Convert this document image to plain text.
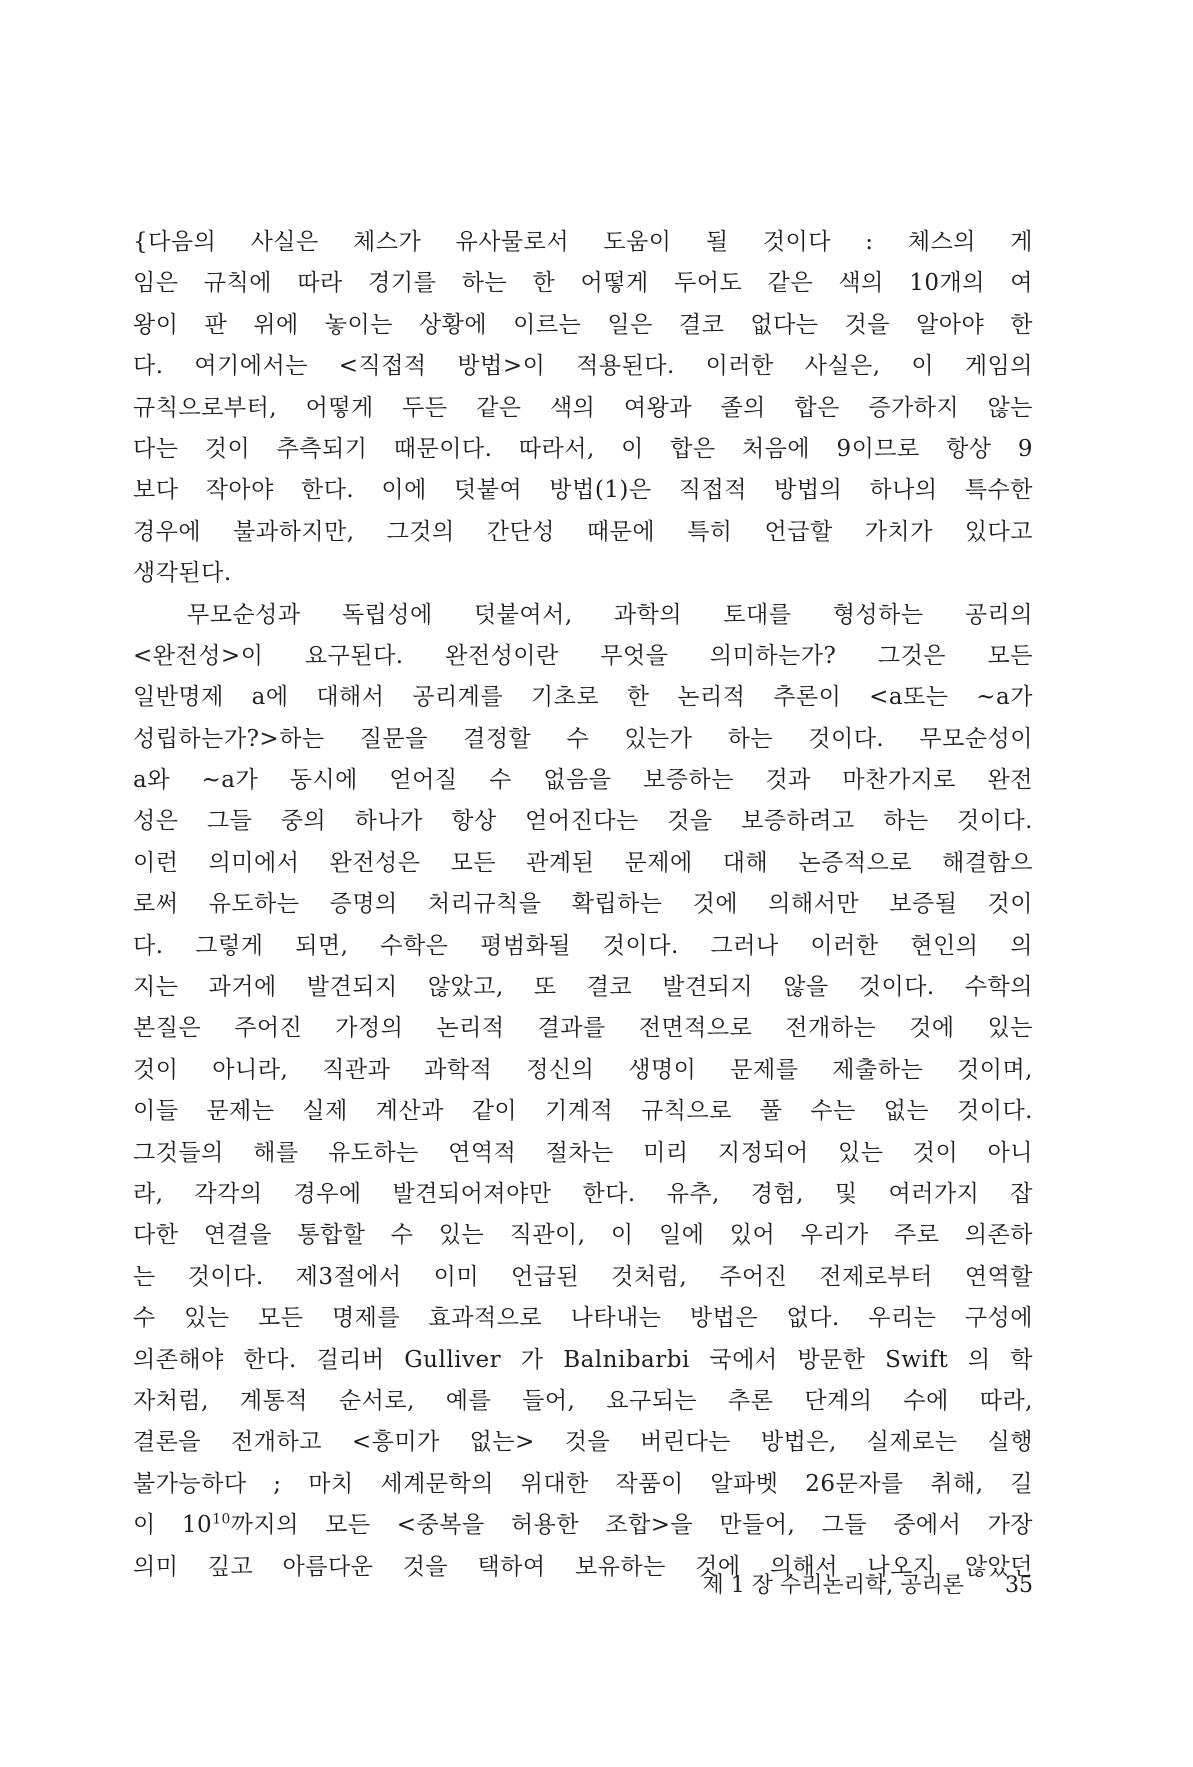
{다음의 사실은 체스가 유사물로서 도움이 될 것이다 : 체스의 게
임은 규칙에 따라 경기를 하는 한 어떻게 두어도 같은 색의 10개의 여
왕이 판 위에 놓이는 상황에 이르는 일은 결코 없다는 것을 알아야 한
다. 여기에서는 <직접적 방법>이 적용된다. 이러한 사실은, 이 게임의
규칙으로부터, 어떻게 두든 같은 색의 여왕과 졸의 합은 증가하지 않는
다는 것이 추측되기 때문이다. 따라서, 이 합은 처음에 9이므로 항상 9
보다 작아야 한다. 이에 덧붙여 방법(1)은 직접적 방법의 하나의 특수한
경우에 불과하지만, 그것의 간단성 때문에 특히 언급할 가치가 있다고
생각된다.
무모순성과 독립성에 덧붙여서, 과학의 토대를 형성하는 공리의
<완전성>이 요구된다. 완전성이란 무엇을 의미하는가? 그것은 모든
일반명제 a에 대해서 공리계를 기초로 한 논리적 추론이 <a또는 ~a가
성립하는가?>하는 질문을 결정할 수 있는가 하는 것이다. 무모순성이
a와 ~a가 동시에 얻어질 수 없음을 보증하는 것과 마찬가지로 완전
성은 그들 중의 하나가 항상 얻어진다는 것을 보증하려고 하는 것이다.
이런 의미에서 완전성은 모든 관계된 문제에 대해 논증적으로 해결함으
로써 유도하는 증명의 처리규칙을 확립하는 것에 의해서만 보증될 것이
다. 그렇게 되면, 수학은 평범화될 것이다. 그러나 이러한 현인의 의
지는 과거에 발견되지 않았고, 또 결코 발견되지 않을 것이다. 수학의
본질은 주어진 가정의 논리적 결과를 전면적으로 전개하는 것에 있는
것이 아니라, 직관과 과학적 정신의 생명이 문제를 제출하는 것이며,
이들 문제는 실제 계산과 같이 기계적 규칙으로 풀 수는 없는 것이다.
그것들의 해를 유도하는 연역적 절차는 미리 지정되어 있는 것이 아니
라, 각각의 경우에 발견되어져야만 한다. 유추, 경험, 및 여러가지 잡
다한 연결을 통합할 수 있는 직관이, 이 일에 있어 우리가 주로 의존하
는 것이다. 제3절에서 이미 언급된 것처럼, 주어진 전제로부터 연역할
수 있는 모든 명제를 효과적으로 나타내는 방법은 없다. 우리는 구성에
의존해야 한다. 걸리버 Gulliver 가 Balnibarbi 국에서 방문한 Swift 의 학
자처럼, 계통적 순서로, 예를 들어, 요구되는 추론 단계의 수에 따라,
결론을 전개하고 <흥미가 없는> 것을 버린다는 방법은, 실제로는 실행
불가능하다 ; 마치 세계문학의 위대한 작품이 알파벳 26문자를 취해, 길
이 $10^{10}$까지의 모든 <중복을 허용한 조합>을 만들어, 그들 중에서 가장
의미 깊고 아름다운 것을 택하여 보유하는 것에 의해서 나오지 않았던
제 1 장 수리논리학, 공리론 35
